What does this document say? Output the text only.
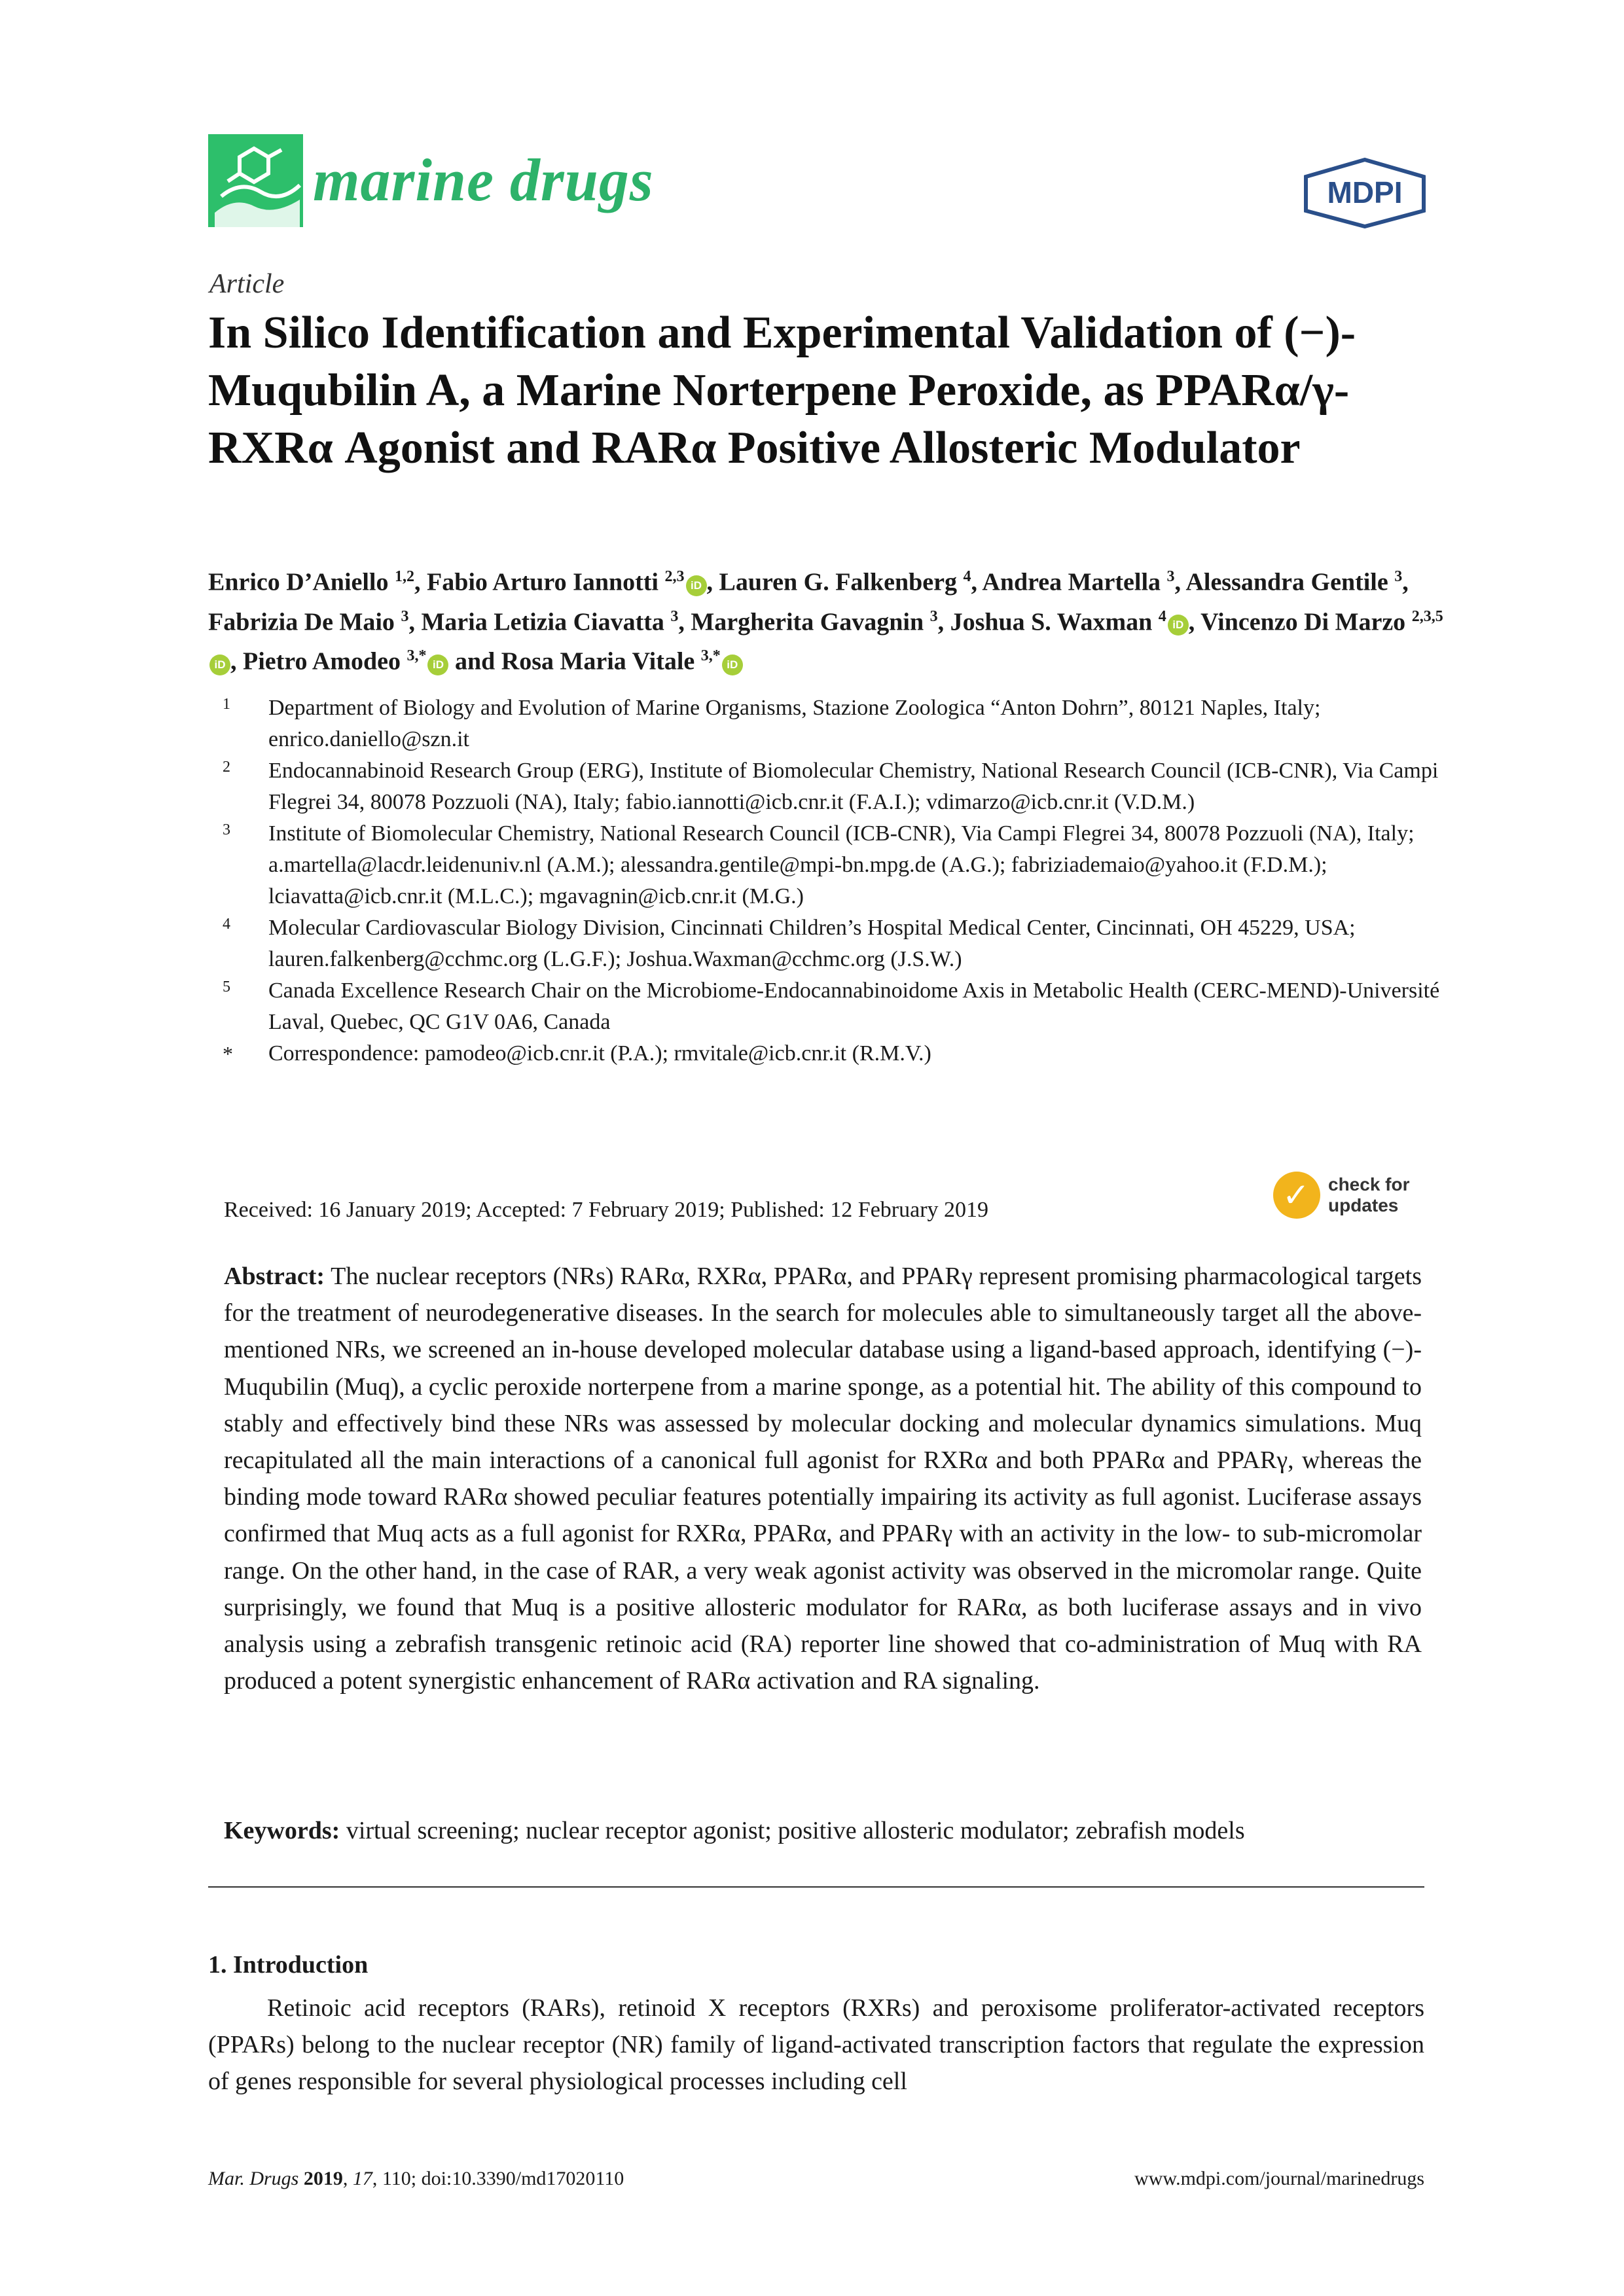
marine drugs	MDPI
Article
In Silico Identification and Experimental Validation of (−)-Muqubilin A, a Marine Norterpene Peroxide, as PPARα/γ-RXRα Agonist and RARα Positive Allosteric Modulator
Enrico D’Aniello $^{1,2}$, Fabio Arturo Iannotti $^{2,3}$iD , Lauren G. Falkenberg $^4$, Andrea Martella $^3$, Alessandra Gentile $^3$, Fabrizia De Maio $^3$, Maria Letizia Ciavatta $^3$, Margherita Gavagnin $^3$, Joshua S. Waxman $^4$iD , Vincenzo Di Marzo $^{2,3,5}$iD , Pietro Amodeo $^{3,*}$iD and Rosa Maria Vitale $^{3,*}$iD
1 Department of Biology and Evolution of Marine Organisms, Stazione Zoologica “Anton Dohrn”, 80121 Naples, Italy; enrico.daniello@szn.it
2 Endocannabinoid Research Group (ERG), Institute of Biomolecular Chemistry, National Research Council (ICB-CNR), Via Campi Flegrei 34, 80078 Pozzuoli (NA), Italy; fabio.iannotti@icb.cnr.it (F.A.I.); vdimarzo@icb.cnr.it (V.D.M.)
3 Institute of Biomolecular Chemistry, National Research Council (ICB-CNR), Via Campi Flegrei 34, 80078 Pozzuoli (NA), Italy; a.martella@lacdr.leidenuniv.nl (A.M.); alessandra.gentile@mpi-bn.mpg.de (A.G.); fabriziademaio@yahoo.it (F.D.M.); lciavatta@icb.cnr.it (M.L.C.); mgavagnin@icb.cnr.it (M.G.)
4 Molecular Cardiovascular Biology Division, Cincinnati Children’s Hospital Medical Center, Cincinnati, OH 45229, USA; lauren.falkenberg@cchmc.org (L.G.F.); Joshua.Waxman@cchmc.org (J.S.W.)
5 Canada Excellence Research Chair on the Microbiome-Endocannabinoidome Axis in Metabolic Health (CERC-MEND)-Université Laval, Quebec, QC G1V 0A6, Canada
* Correspondence: pamodeo@icb.cnr.it (P.A.); rmvitale@icb.cnr.it (R.M.V.)
Received: 16 January 2019; Accepted: 7 February 2019; Published: 12 February 2019	✓ check for
updates
Abstract: The nuclear receptors (NRs) RARα, RXRα, PPARα, and PPARγ represent promising pharmacological targets for the treatment of neurodegenerative diseases. In the search for molecules able to simultaneously target all the above-mentioned NRs, we screened an in-house developed molecular database using a ligand-based approach, identifying (−)-Muqubilin (Muq), a cyclic peroxide norterpene from a marine sponge, as a potential hit. The ability of this compound to stably and effectively bind these NRs was assessed by molecular docking and molecular dynamics simulations. Muq recapitulated all the main interactions of a canonical full agonist for RXRα and both PPARα and PPARγ, whereas the binding mode toward RARα showed peculiar features potentially impairing its activity as full agonist. Luciferase assays confirmed that Muq acts as a full agonist for RXRα, PPARα, and PPARγ with an activity in the low- to sub-micromolar range. On the other hand, in the case of RAR, a very weak agonist activity was observed in the micromolar range. Quite surprisingly, we found that Muq is a positive allosteric modulator for RARα, as both luciferase assays and in vivo analysis using a zebrafish transgenic retinoic acid (RA) reporter line showed that co-administration of Muq with RA produced a potent synergistic enhancement of RARα activation and RA signaling.
Keywords: virtual screening; nuclear receptor agonist; positive allosteric modulator; zebrafish models
1. Introduction
Retinoic acid receptors (RARs), retinoid X receptors (RXRs) and peroxisome proliferator-activated receptors (PPARs) belong to the nuclear receptor (NR) family of ligand-activated transcription factors that regulate the expression of genes responsible for several physiological processes including cell
Mar. Drugs 2019, 17, 110; doi:10.3390/md17020110	www.mdpi.com/journal/marinedrugs
